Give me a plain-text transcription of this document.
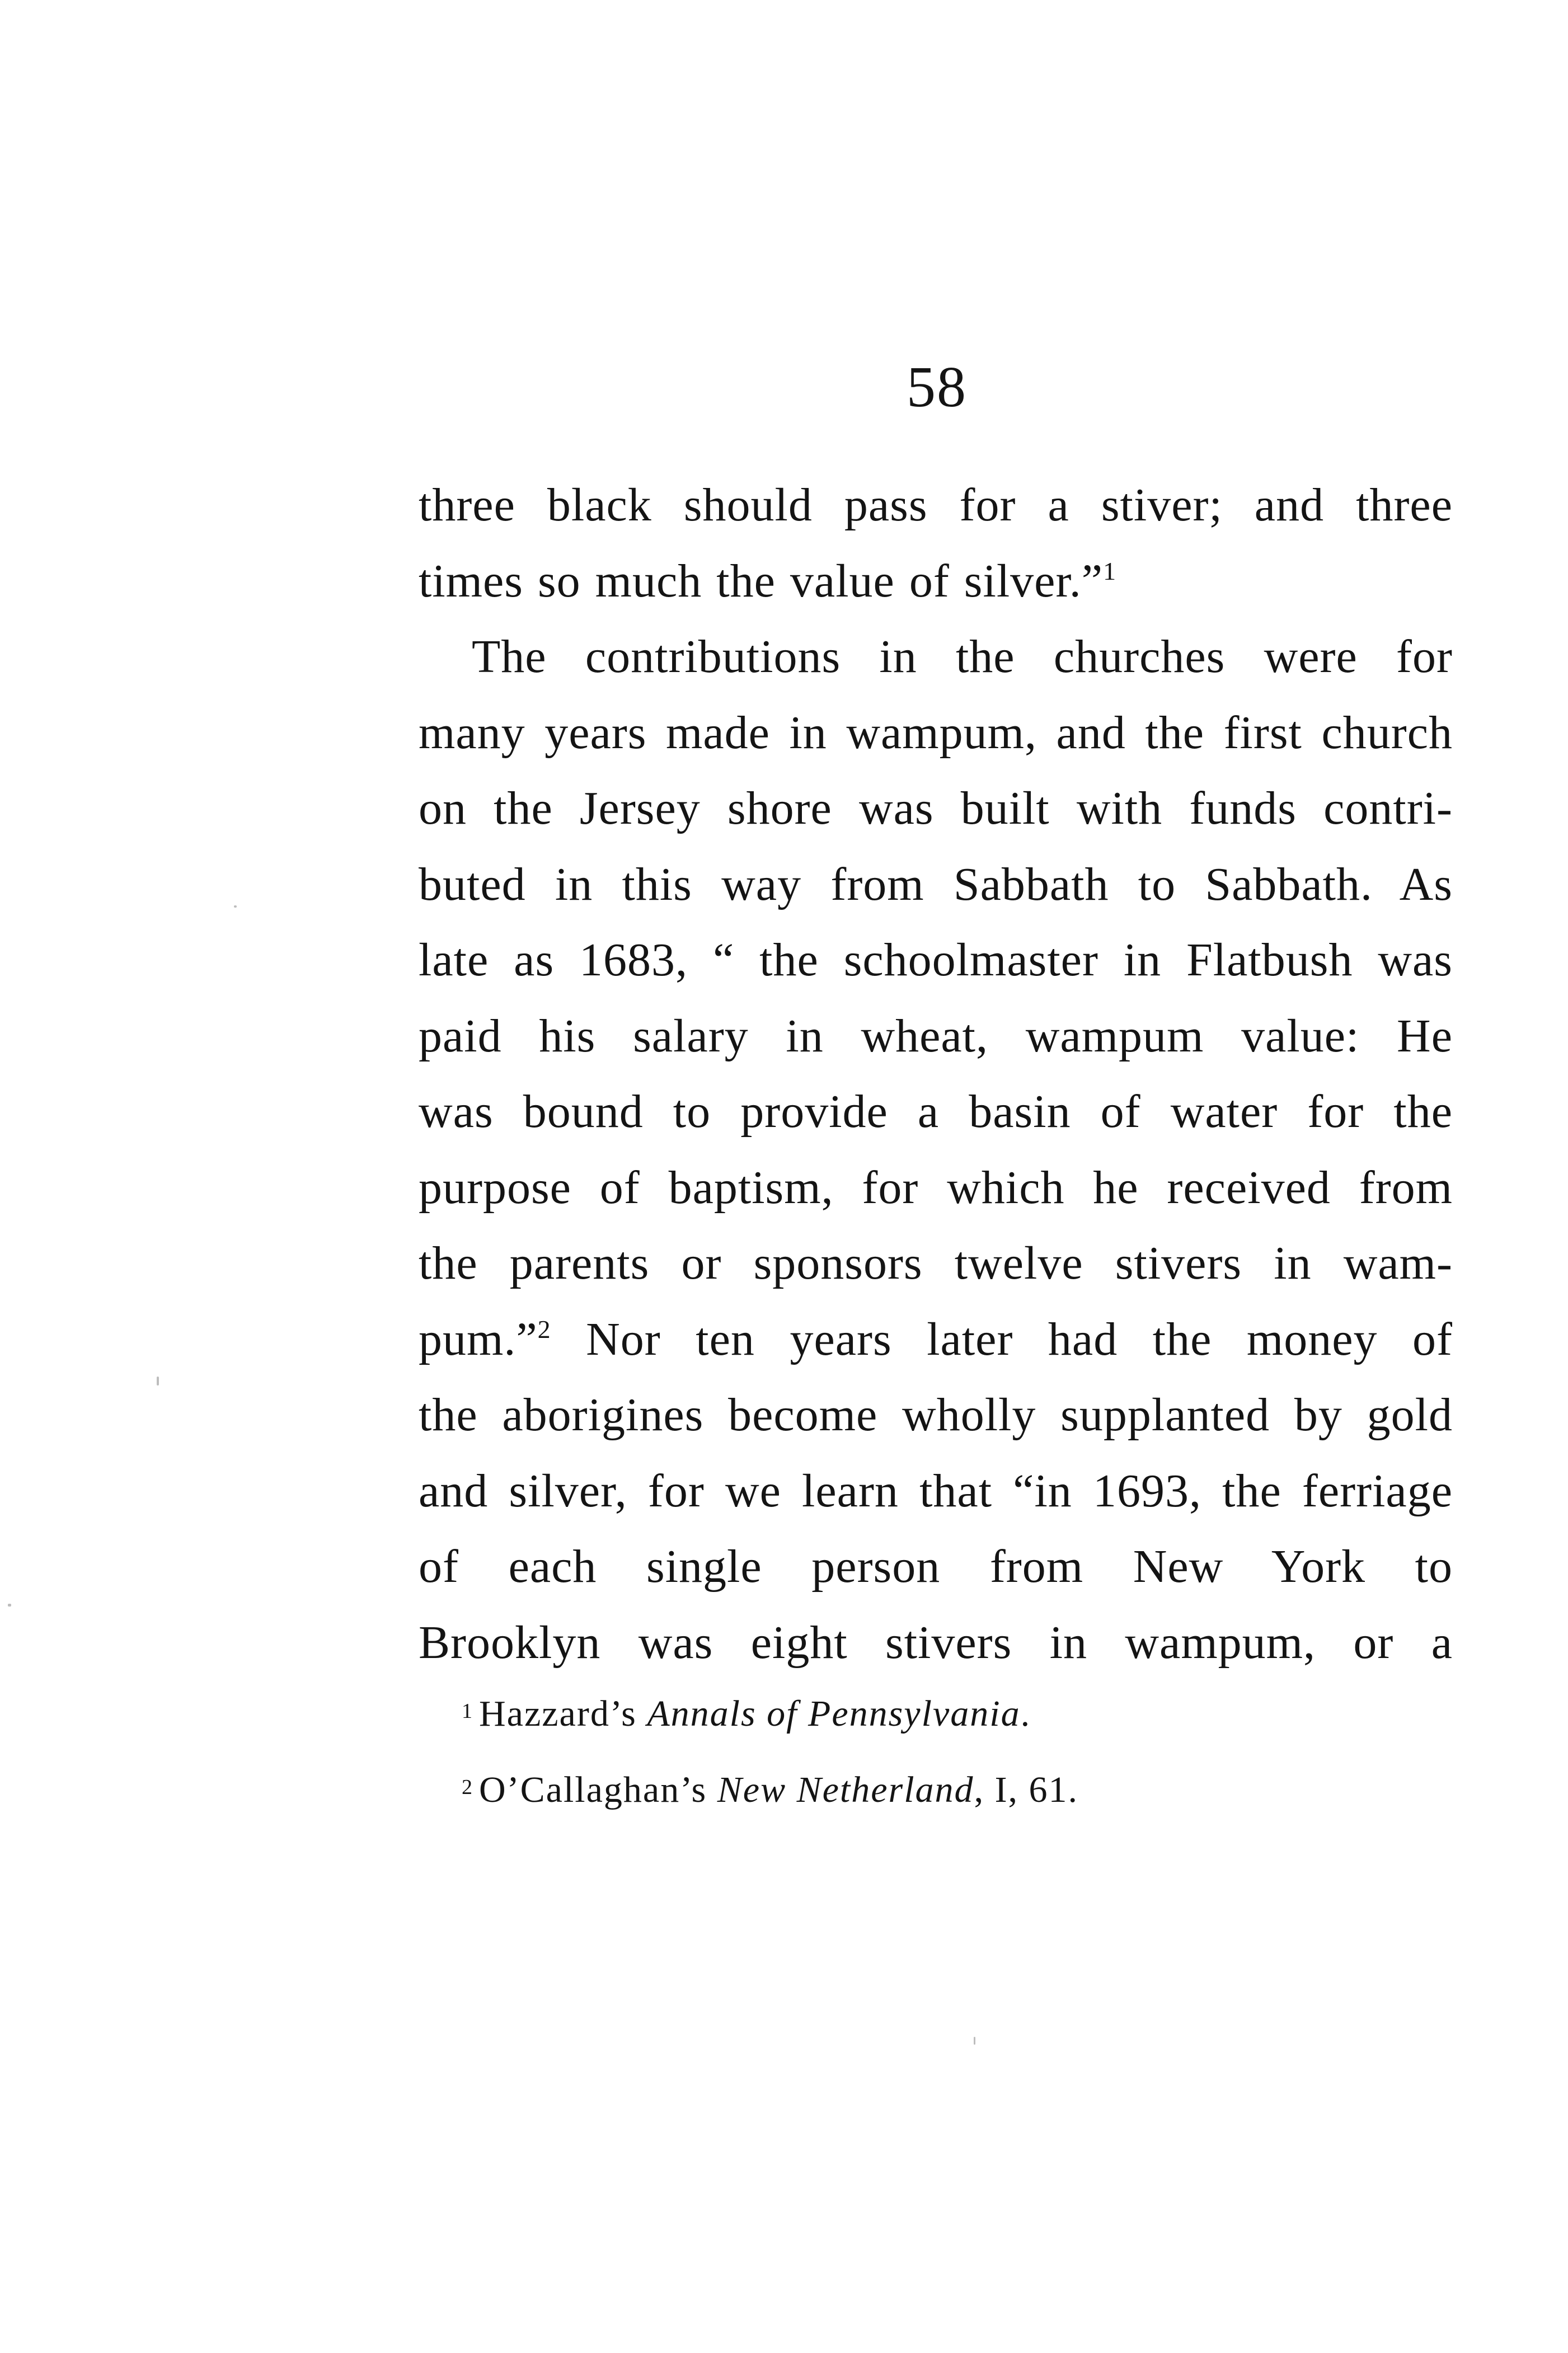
58
three black should pass for a stiver; and three
times so much the value of silver.”$^1$
The contributions in the churches were for
many years made in wampum, and the first church
on the Jersey shore was built with funds contri-
buted in this way from Sabbath to Sabbath. As
late as 1683, “ the schoolmaster in Flatbush was
paid his salary in wheat, wampum value: He
was bound to provide a basin of water for the
purpose of baptism, for which he received from
the parents or sponsors twelve stivers in wam-
pum.”$^2$ Nor ten years later had the money of
the aborigines become wholly supplanted by gold
and silver, for we learn that “in 1693, the ferriage
of each single person from New York to
Brooklyn was eight stivers in wampum, or a
$^1$ Hazzard’s Annals of Pennsylvania.
$^2$ O’Callaghan’s New Netherland, I, 61.
